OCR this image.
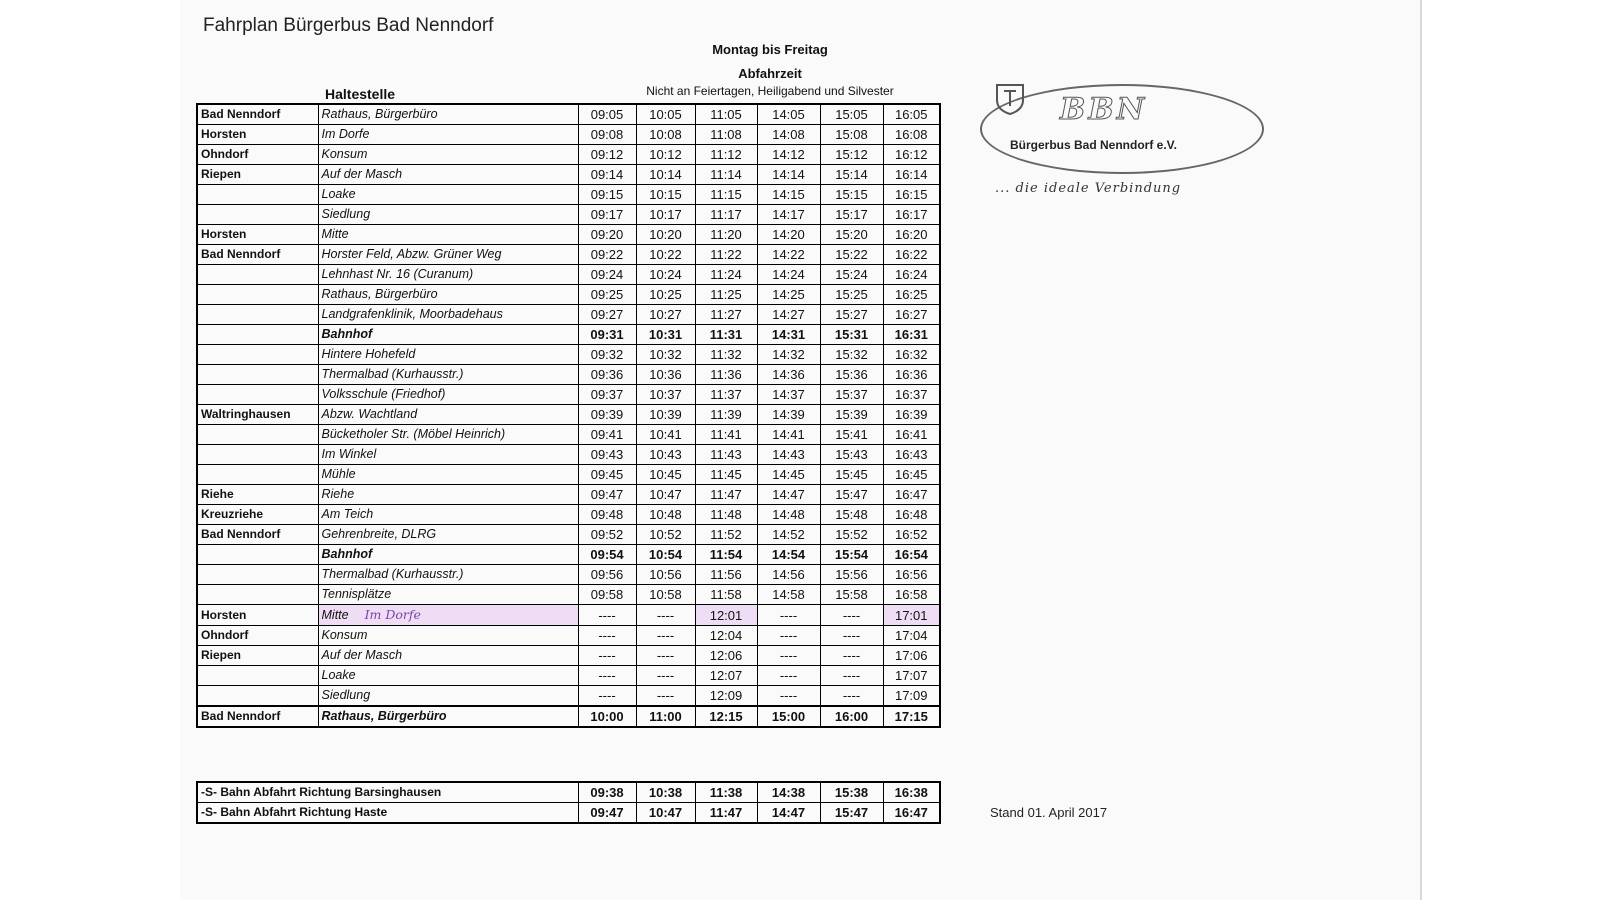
Fahrplan Bürgerbus Bad Nenndorf
Montag bis Freitag
Abfahrzeit
Nicht an Feiertagen, Heiligabend und Silvester
Haltestelle
Bad Nenndorf	Rathaus, Bürgerbüro	09:05	10:05	11:05	14:05	15:05	16:05
Horsten	Im Dorfe	09:08	10:08	11:08	14:08	15:08	16:08
Ohndorf	Konsum	09:12	10:12	11:12	14:12	15:12	16:12
Riepen	Auf der Masch	09:14	10:14	11:14	14:14	15:14	16:14
	Loake	09:15	10:15	11:15	14:15	15:15	16:15
	Siedlung	09:17	10:17	11:17	14:17	15:17	16:17
Horsten	Mitte	09:20	10:20	11:20	14:20	15:20	16:20
Bad Nenndorf	Horster Feld, Abzw. Grüner Weg	09:22	10:22	11:22	14:22	15:22	16:22
	Lehnhast Nr. 16 (Curanum)	09:24	10:24	11:24	14:24	15:24	16:24
	Rathaus, Bürgerbüro	09:25	10:25	11:25	14:25	15:25	16:25
	Landgrafenklinik, Moorbadehaus	09:27	10:27	11:27	14:27	15:27	16:27
	Bahnhof	09:31	10:31	11:31	14:31	15:31	16:31
	Hintere Hohefeld	09:32	10:32	11:32	14:32	15:32	16:32
	Thermalbad (Kurhausstr.)	09:36	10:36	11:36	14:36	15:36	16:36
	Volksschule (Friedhof)	09:37	10:37	11:37	14:37	15:37	16:37
Waltringhausen	Abzw. Wachtland	09:39	10:39	11:39	14:39	15:39	16:39
	Bücketholer Str. (Möbel Heinrich)	09:41	10:41	11:41	14:41	15:41	16:41
	Im Winkel	09:43	10:43	11:43	14:43	15:43	16:43
	Mühle	09:45	10:45	11:45	14:45	15:45	16:45
Riehe	Riehe	09:47	10:47	11:47	14:47	15:47	16:47
Kreuzriehe	Am Teich	09:48	10:48	11:48	14:48	15:48	16:48
Bad Nenndorf	Gehrenbreite, DLRG	09:52	10:52	11:52	14:52	15:52	16:52
	Bahnhof	09:54	10:54	11:54	14:54	15:54	16:54
	Thermalbad (Kurhausstr.)	09:56	10:56	11:56	14:56	15:56	16:56
	Tennisplätze	09:58	10:58	11:58	14:58	15:58	16:58
Horsten	Mitte Im Dorfe	----	----	12:01	----	----	17:01
Ohndorf	Konsum	----	----	12:04	----	----	17:04
Riepen	Auf der Masch	----	----	12:06	----	----	17:06
	Loake	----	----	12:07	----	----	17:07
	Siedlung	----	----	12:09	----	----	17:09
Bad Nenndorf	Rathaus, Bürgerbüro	10:00	11:00	12:15	15:00	16:00	17:15
-S- Bahn Abfahrt Richtung Barsinghausen	09:38	10:38	11:38	14:38	15:38	16:38
-S- Bahn Abfahrt Richtung Haste	09:47	10:47	11:47	14:47	15:47	16:47
BBN
Bürgerbus Bad Nenndorf e.V.
... die ideale Verbindung
Stand 01. April 2017
